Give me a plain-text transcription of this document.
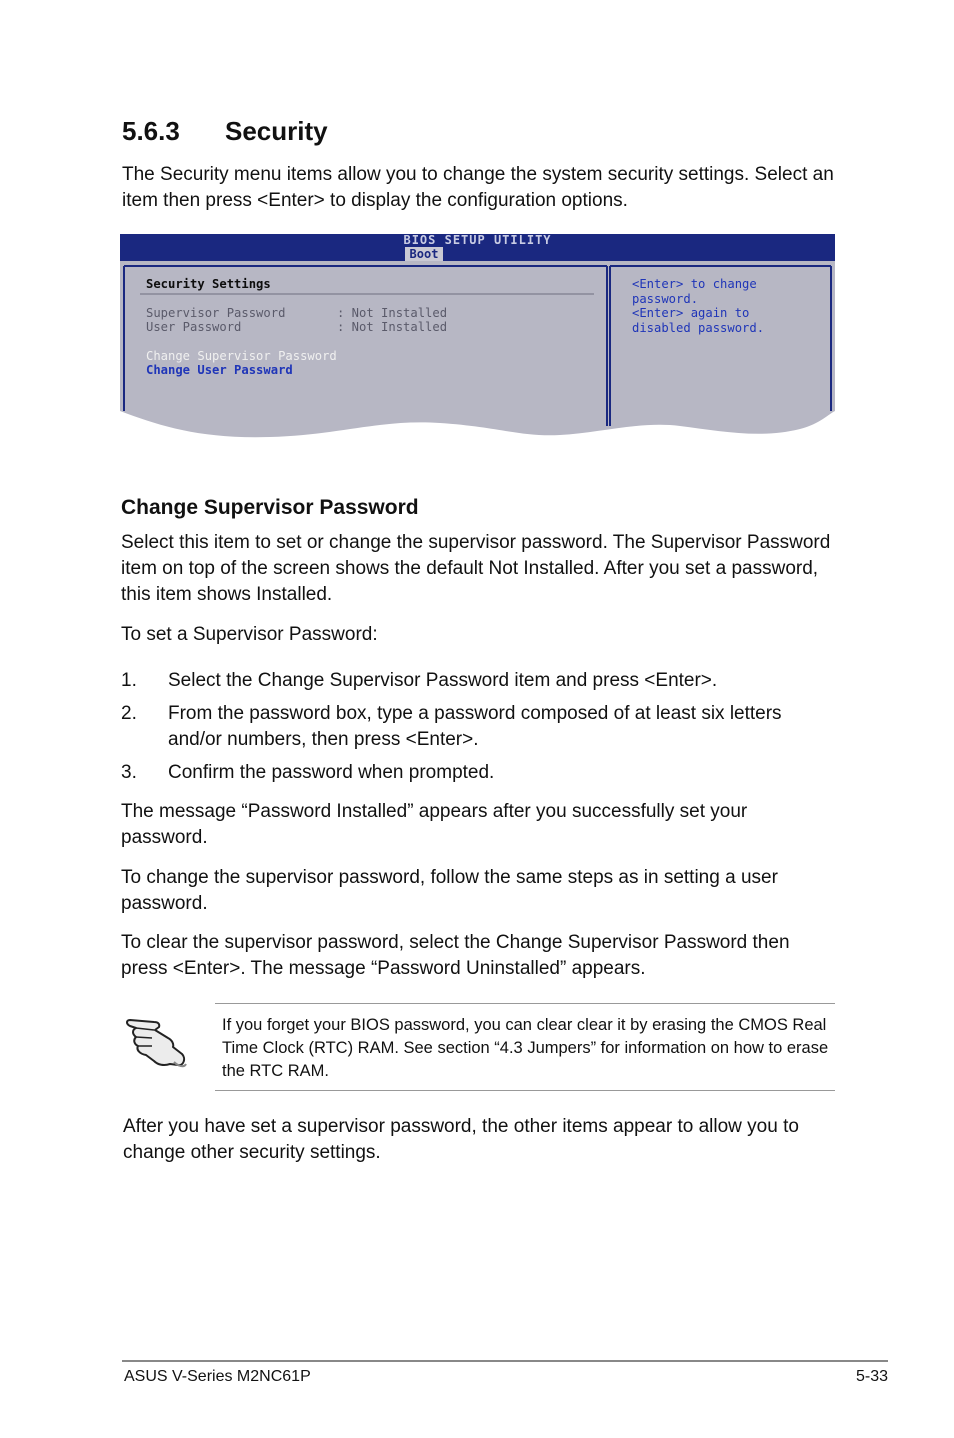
5.6.3 Security
The Security menu items allow you to change the system security settings. Select an item then press <Enter> to display the configuration options.
BIOS SETUP UTILITY
Boot
Security Settings
Supervisor Password	: Not Installed
User Password	: Not Installed
Change Supervisor Password
Change User Passward
<Enter> to change
password.
<Enter> again to
disabled password.
Change Supervisor Password
Select this item to set or change the supervisor password. The Supervisor Password item on top of the screen shows the default Not Installed. After you set a password, this item shows Installed.
To set a Supervisor Password:
1. Select the Change Supervisor Password item and press <Enter>.
2. From the password box, type a password composed of at least six letters and/or numbers, then press <Enter>.
3. Confirm the password when prompted.
The message “Password Installed” appears after you successfully set your password.
To change the supervisor password, follow the same steps as in setting a user password.
To clear the supervisor password, select the Change Supervisor Password then press <Enter>. The message “Password Uninstalled” appears.
If you forget your BIOS password, you can clear clear it by erasing the CMOS Real Time Clock (RTC) RAM. See section “4.3 Jumpers” for information on how to erase the RTC RAM.
After you have set a supervisor password, the other items appear to allow you to change other security settings.
ASUS V-Series M2NC61P	5-33
